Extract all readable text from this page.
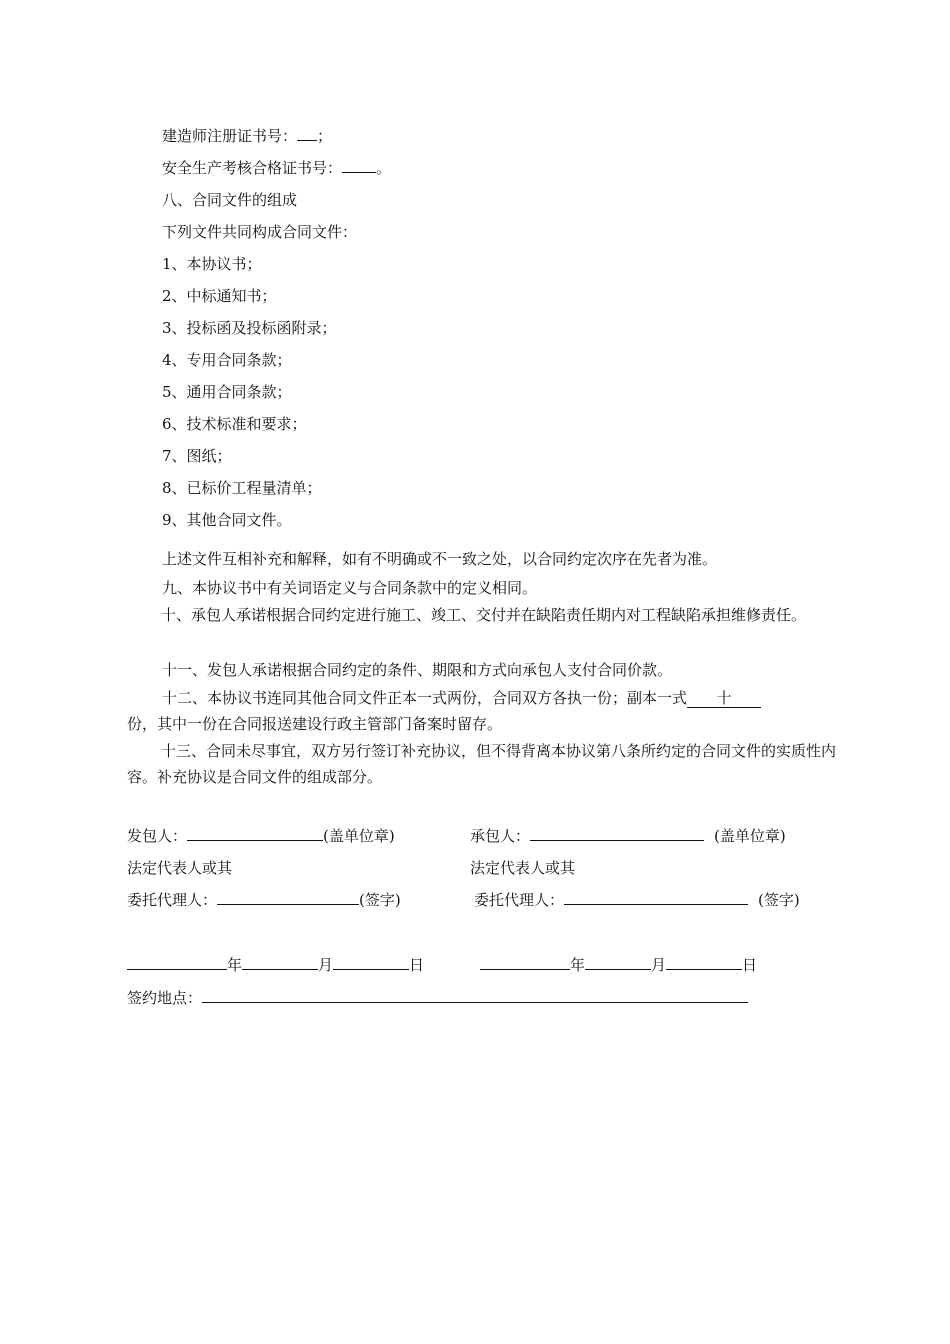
建造师注册证书号： ；
安全生产考核合格证书号： 。
八、合同文件的组成
下列文件共同构成合同文件：
1、本协议书；
2、中标通知书；
3、投标函及投标函附录；
4、专用合同条款；
5、通用合同条款；
6、技术标准和要求；
7、图纸；
8、已标价工程量清单；
9、其他合同文件。
上述文件互相补充和解释，如有不明确或不一致之处，以合同约定次序在先者为准。
九、本协议书中有关词语定义与合同条款中的定义相同。
十、承包人承诺根据合同约定进行施工、竣工、交付并在缺陷责任期内对工程缺陷承担维修责任。
十一、发包人承诺根据合同约定的条件、期限和方式向承包人支付合同价款。
十二、本协议书连同其他合同文件正本一式两份，合同双方各执一份；副本一式 十
份，其中一份在合同报送建设行政主管部门备案时留存。
十三、合同未尽事宜，双方另行签订补充协议，但不得背离本协议第八条所约定的合同文件的实质性内容。补充协议是合同文件的组成部分。
发包人：	(盖单位章)
法定代表人或其
委托代理人：	(签字)
承包人：	(盖单位章)
法定代表人或其
委托代理人：	(签字)
年	月	日	年	月	日
签约地点：
